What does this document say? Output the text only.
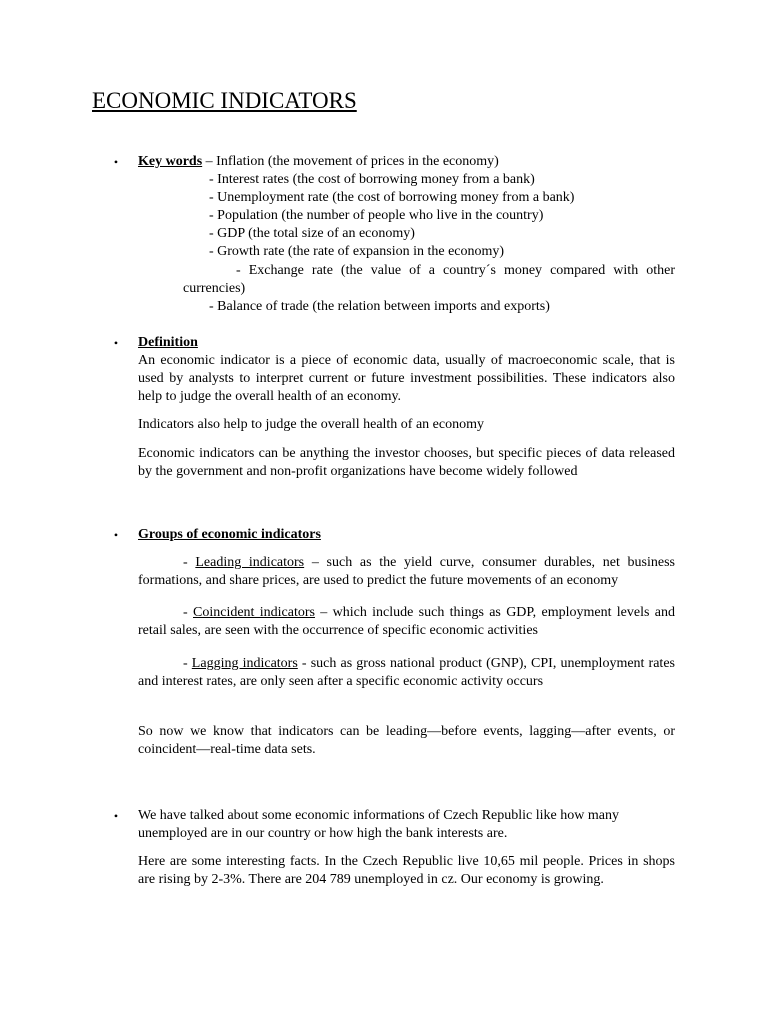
ECONOMIC INDICATORS
• Key words – Inflation (the movement of prices in the economy)
- Interest rates (the cost of borrowing money from a bank)
- Unemployment rate (the cost of borrowing money from a bank)
- Population (the number of people who live in the country)
- GDP (the total size of an economy)
- Growth rate (the rate of expansion in the economy)
- Exchange rate (the value of a country´s money compared with other
currencies)
- Balance of trade (the relation between imports and exports)
• Definition

An economic indicator is a piece of economic data, usually of macroeconomic scale, that is used by analysts to interpret current or future investment possibilities. These indicators also help to judge the overall health of an economy.

Indicators also help to judge the overall health of an economy

Economic indicators can be anything the investor chooses, but specific pieces of data released by the government and non-profit organizations have become widely followed

• Groups of economic indicators

- Leading indicators – such as the yield curve, consumer durables, net business formations, and share prices, are used to predict the future movements of an economy

- Coincident indicators – which include such things as GDP, employment levels and retail sales, are seen with the occurrence of specific economic activities

- Lagging indicators - such as gross national product (GNP), CPI, unemployment rates and interest rates, are only seen after a specific economic activity occurs

So now we know that indicators can be leading—before events, lagging—after events, or coincident—real-time data sets.

• We have talked about some economic informations of Czech Republic like how many unemployed are in our country or how high the bank interests are.

Here are some interesting facts. In the Czech Republic live 10,65 mil people. Prices in shops are rising by 2-3%. There are 204 789 unemployed in cz. Our economy is growing.
